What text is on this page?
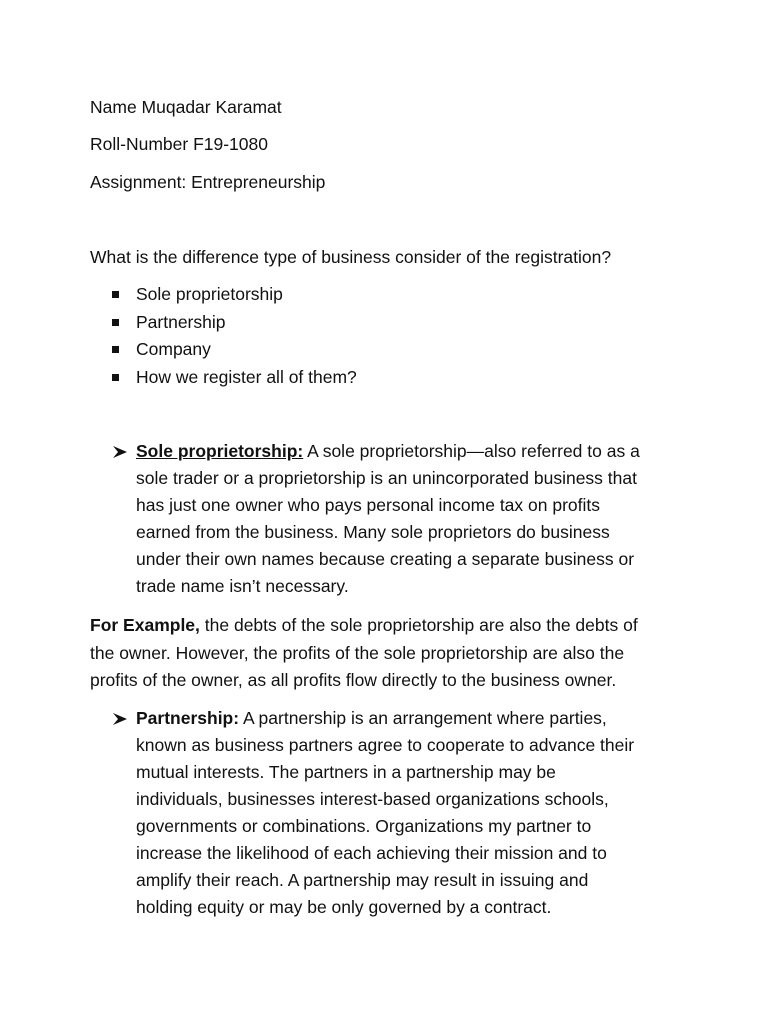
Name Muqadar Karamat
Roll-Number F19-1080
Assignment: Entrepreneurship
What is the difference type of business consider of the registration?
Sole proprietorship
Partnership
Company
How we register all of them?

Sole proprietorship: A sole proprietorship—also referred to as a

sole trader or a proprietorship is an unincorporated business that

has just one owner who pays personal income tax on profits

earned from the business. Many sole proprietors do business

under their own names because creating a separate business or

trade name isn’t necessary.

For Example, the debts of the sole proprietorship are also the debts of

the owner. However, the profits of the sole proprietorship are also the

profits of the owner, as all profits flow directly to the business owner.

Partnership: A partnership is an arrangement where parties,

known as business partners agree to cooperate to advance their

mutual interests. The partners in a partnership may be

individuals, businesses interest-based organizations schools,

governments or combinations. Organizations my partner to

increase the likelihood of each achieving their mission and to

amplify their reach. A partnership may result in issuing and

holding equity or may be only governed by a contract.
